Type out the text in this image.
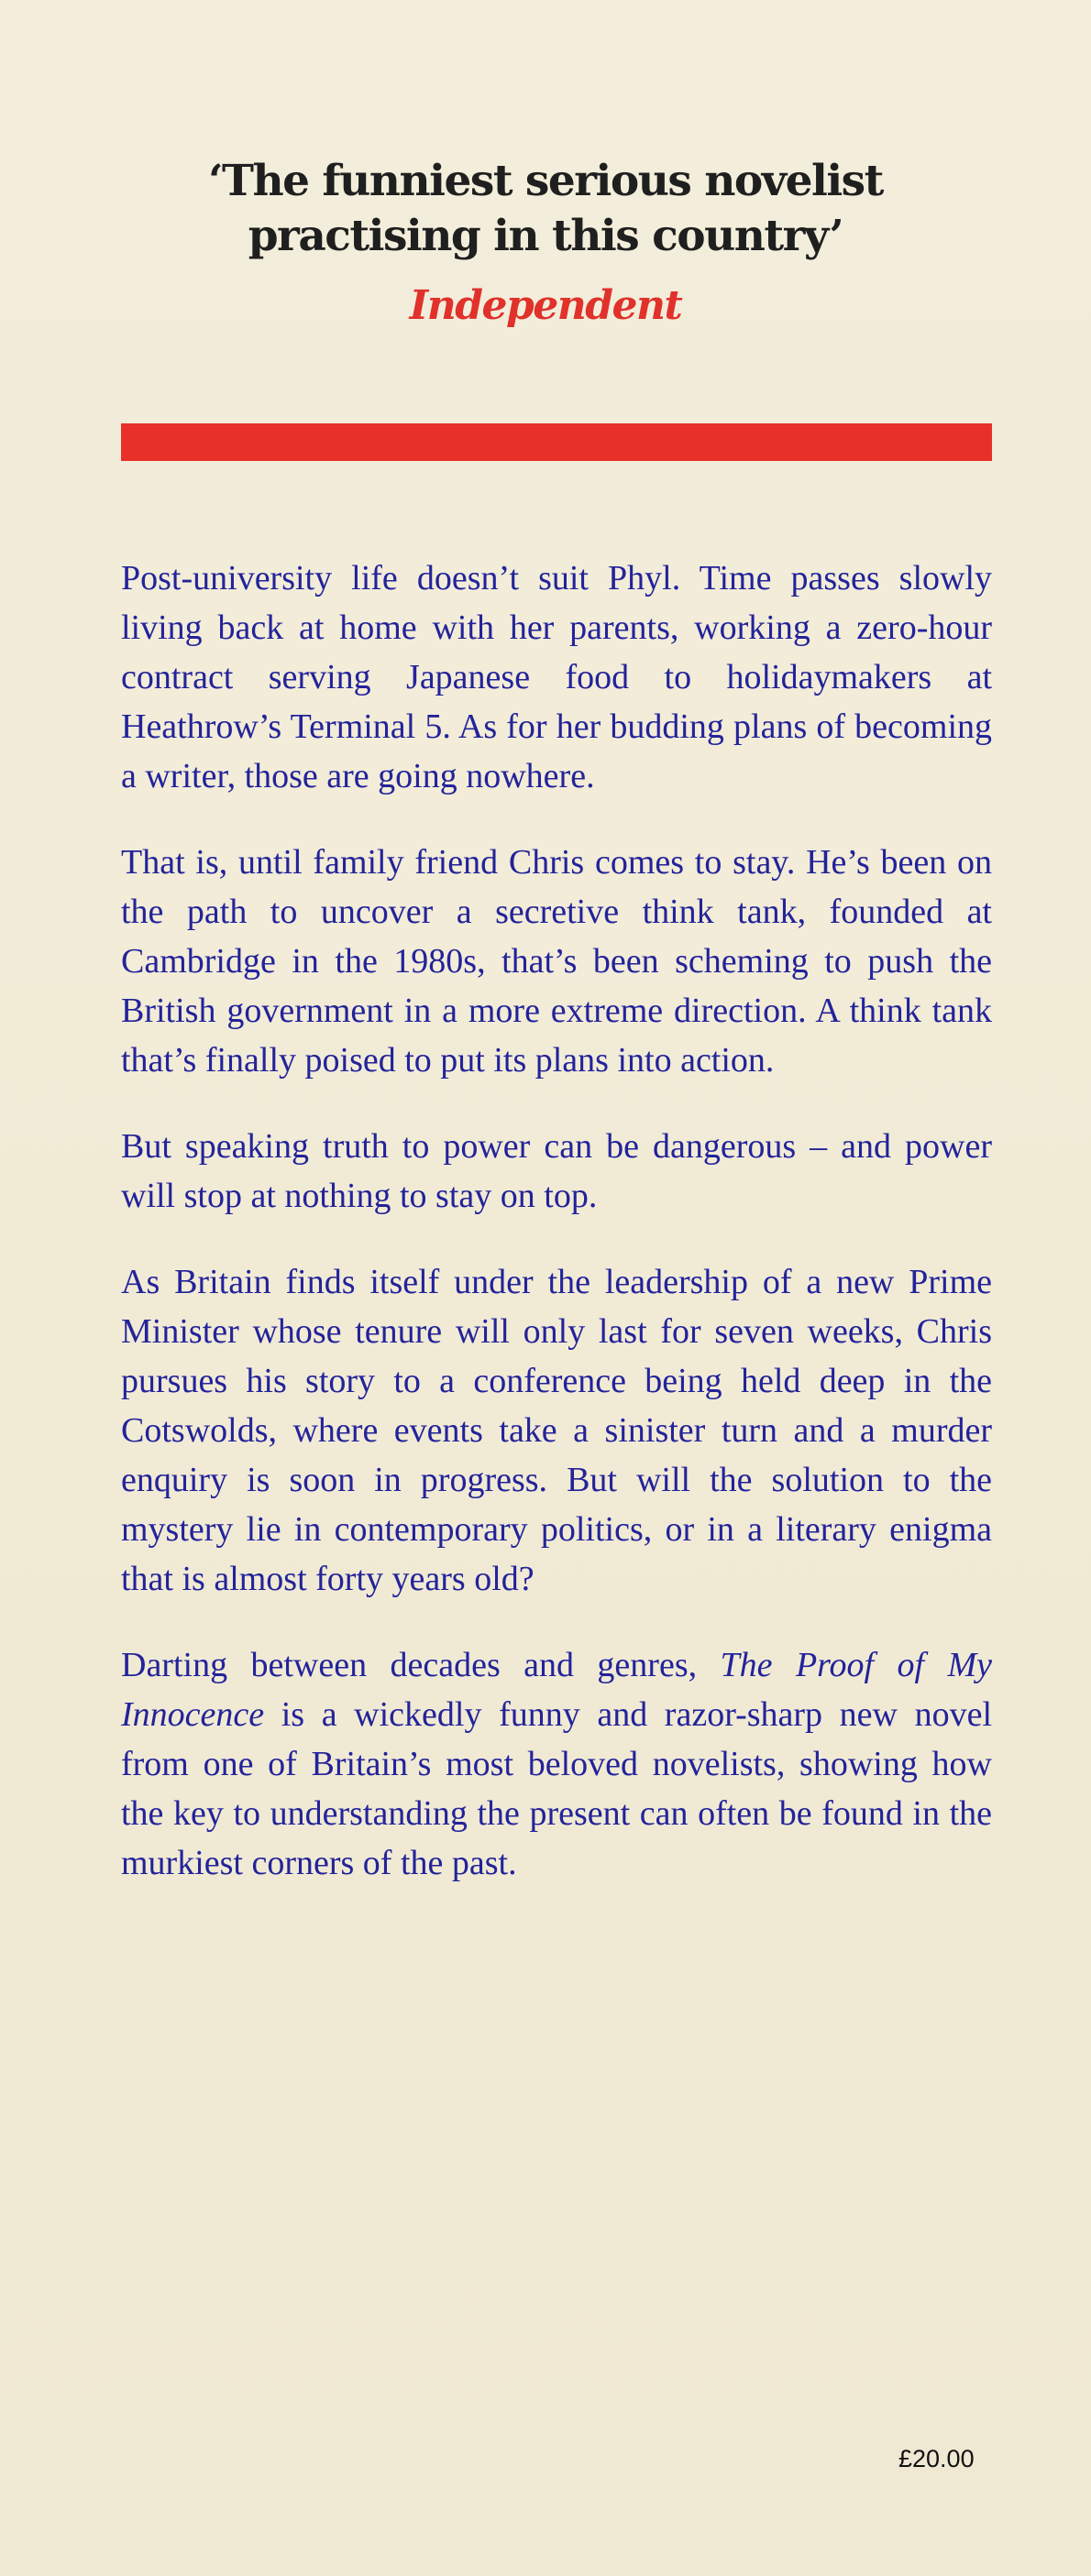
‘The funniest serious novelist
practising in this country’
Independent

Post-university life doesn’t suit Phyl. Time passes slowly living back at home with her parents, working a zero-hour contract serving Japanese food to holidaymakers at Heathrow’s Terminal 5. As for her budding plans of becoming a writer, those are going nowhere.

That is, until family friend Chris comes to stay. He’s been on the path to uncover a secretive think tank, founded at Cambridge in the 1980s, that’s been scheming to push the British government in a more extreme direction. A think tank that’s finally poised to put its plans into action.

But speaking truth to power can be dangerous – and power will stop at nothing to stay on top.

As Britain finds itself under the leadership of a new Prime Minister whose tenure will only last for seven weeks, Chris pursues his story to a conference being held deep in the Cotswolds, where events take a sinister turn and a murder enquiry is soon in progress. But will the solution to the mystery lie in contemporary politics, or in a literary enigma that is almost forty years old?

Darting between decades and genres, The Proof of My Innocence is a wickedly funny and razor-sharp new novel from one of Britain’s most beloved novelists, showing how the key to understanding the present can often be found in the murkiest corners of the past.

£20.00
